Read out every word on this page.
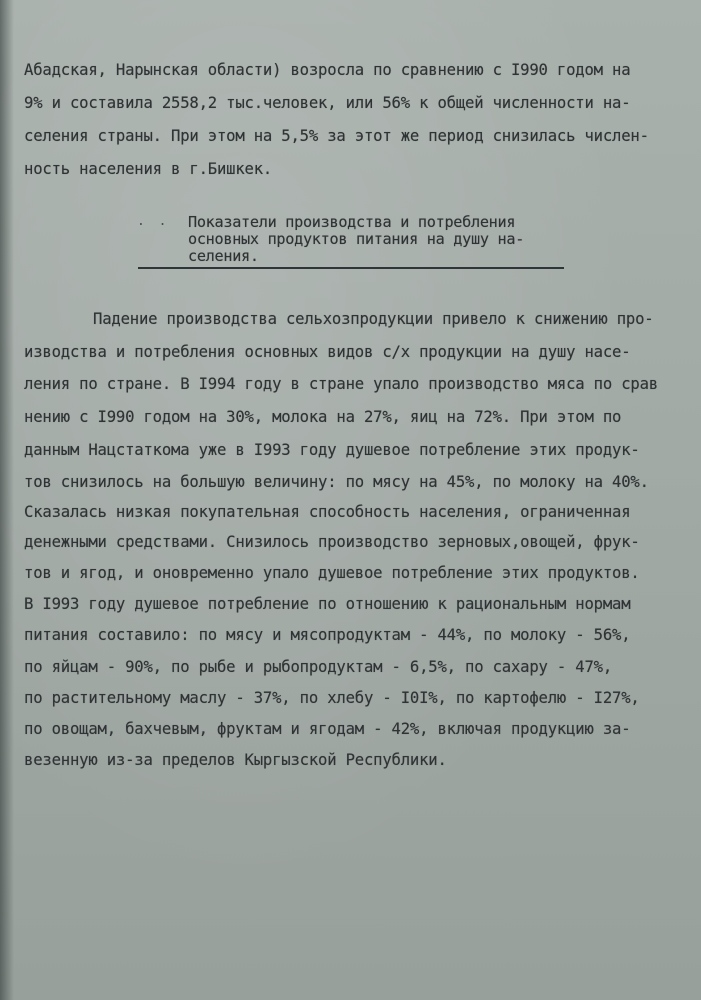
Абадская, Нарынская области) возросла по сравнению с I990 годом на
9% и составила 2558,2 тыс.человек, или 56% к общей численности на-
селения страны. При этом на 5,5% за этот же период снизилась числен-
ность населения в г.Бишкек.
. .	Показатели производства и потребления
основных продуктов питания на душу на-
селения.
Падение производства сельхозпродукции привело к снижению про-
изводства и потребления основных видов с/х продукции на душу насе-
ления по стране. В I994 году в стране упало производство мяса по срав
нению с I990 годом на 30%, молока на 27%, яиц на 72%. При этом по
данным Нацстаткома уже в I993 году душевое потребление этих продук-
тов снизилось на большую величину: по мясу на 45%, по молоку на 40%.
Сказалась низкая покупательная способность населения, ограниченная
денежными средствами. Снизилось производство зерновых,овощей, фрук-
тов и ягод, и оновременно упало душевое потребление этих продуктов.
В I993 году душевое потребление по отношению к рациональным нормам
питания составило: по мясу и мясопродуктам - 44%, по молоку - 56%,
по яйцам - 90%, по рыбе и рыбопродуктам - 6,5%, по сахару - 47%,
по растительному маслу - 37%, по хлебу - I0I%, по картофелю - I27%,
по овощам, бахчевым, фруктам и ягодам - 42%, включая продукцию за-
везенную из-за пределов Кыргызской Республики.
